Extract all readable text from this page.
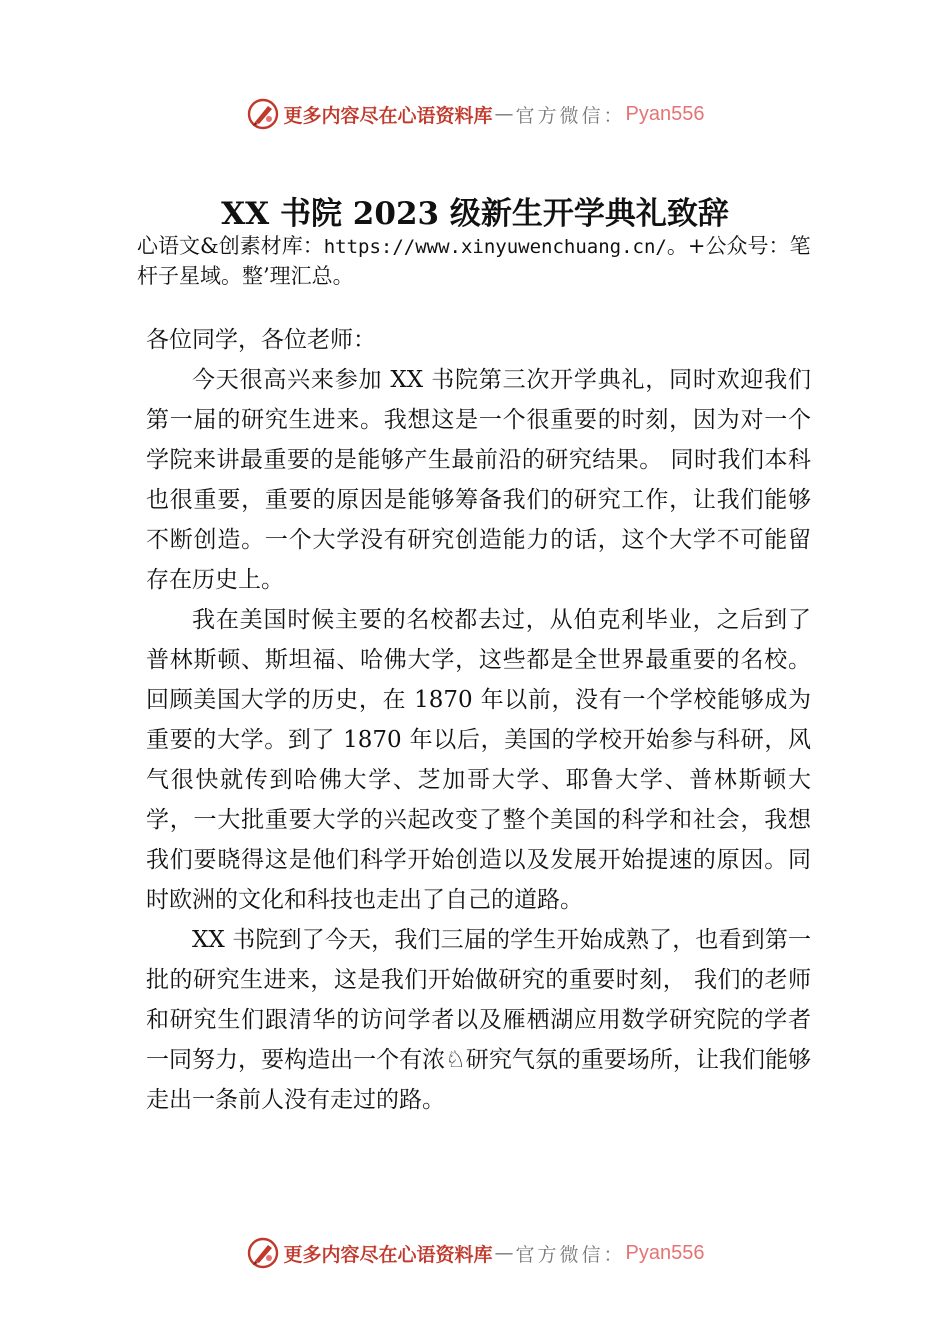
更多内容尽在心语资料库 — 官方微信： Pyan556
XX 书院 2023 级新生开学典礼致辞
心语文&创素材库：https://www.xinyuwenchuang.cn/。+公众号：笔杆子星域。整’理汇总。

各位同学，各位老师：

今天很高兴来参加 XX 书院第三次开学典礼，同时欢迎我们第一届的研究生进来。我想这是一个很重要的时刻，因为对一个学院来讲最重要的是能够产生最前沿的研究结果。 同时我们本科也很重要，重要的原因是能够筹备我们的研究工作，让我们能够不断创造。一个大学没有研究创造能力的话，这个大学不可能留存在历史上。

我在美国时候主要的名校都去过，从伯克利毕业，之后到了普林斯顿、斯坦福、哈佛大学，这些都是全世界最重要的名校。回顾美国大学的历史，在 1870 年以前，没有一个学校能够成为重要的大学。到了 1870 年以后，美国的学校开始参与科研，风气很快就传到哈佛大学、芝加哥大学、耶鲁大学、普林斯顿大学，一大批重要大学的兴起改变了整个美国的科学和社会，我想我们要晓得这是他们科学开始创造以及发展开始提速的原因。同时欧洲的文化和科技也走出了自己的道路。

XX 书院到了今天，我们三届的学生开始成熟了，也看到第一批的研究生进来，这是我们开始做研究的重要时刻， 我们的老师和研究生们跟清华的访问学者以及雁栖湖应用数学研究院的学者一同努力，要构造出一个有浓♘研究气氛的重要场所，让我们能够走出一条前人没有走过的路。

更多内容尽在心语资料库 — 官方微信： Pyan556
